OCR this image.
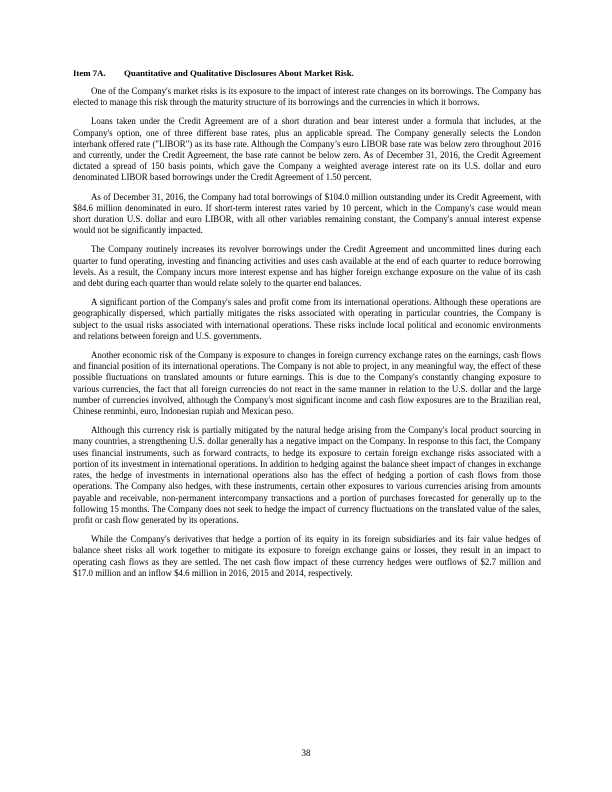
Item 7A. Quantitative and Qualitative Disclosures About Market Risk.

One of the Company's market risks is its exposure to the impact of interest rate changes on its borrowings. The Company has elected to manage this risk through the maturity structure of its borrowings and the currencies in which it borrows.

Loans taken under the Credit Agreement are of a short duration and bear interest under a formula that includes, at the Company's option, one of three different base rates, plus an applicable spread. The Company generally selects the London interbank offered rate ("LIBOR") as its base rate. Although the Company’s euro LIBOR base rate was below zero throughout 2016 and currently, under the Credit Agreement, the base rate cannot be below zero. As of December 31, 2016, the Credit Agreement dictated a spread of 150 basis points, which gave the Company a weighted average interest rate on its U.S. dollar and euro denominated LIBOR based borrowings under the Credit Agreement of 1.50 percent.

As of December 31, 2016, the Company had total borrowings of $104.0 million outstanding under its Credit Agreement, with $84.6 million denominated in euro. If short-term interest rates varied by 10 percent, which in the Company's case would mean short duration U.S. dollar and euro LIBOR, with all other variables remaining constant, the Company's annual interest expense would not be significantly impacted.

The Company routinely increases its revolver borrowings under the Credit Agreement and uncommitted lines during each quarter to fund operating, investing and financing activities and uses cash available at the end of each quarter to reduce borrowing levels. As a result, the Company incurs more interest expense and has higher foreign exchange exposure on the value of its cash and debt during each quarter than would relate solely to the quarter end balances.

A significant portion of the Company's sales and profit come from its international operations. Although these operations are geographically dispersed, which partially mitigates the risks associated with operating in particular countries, the Company is subject to the usual risks associated with international operations. These risks include local political and economic environments and relations between foreign and U.S. governments.

Another economic risk of the Company is exposure to changes in foreign currency exchange rates on the earnings, cash flows and financial position of its international operations. The Company is not able to project, in any meaningful way, the effect of these possible fluctuations on translated amounts or future earnings. This is due to the Company's constantly changing exposure to various currencies, the fact that all foreign currencies do not react in the same manner in relation to the U.S. dollar and the large number of currencies involved, although the Company's most significant income and cash flow exposures are to the Brazilian real, Chinese renminbi, euro, Indonesian rupiah and Mexican peso.

Although this currency risk is partially mitigated by the natural hedge arising from the Company's local product sourcing in many countries, a strengthening U.S. dollar generally has a negative impact on the Company. In response to this fact, the Company uses financial instruments, such as forward contracts, to hedge its exposure to certain foreign exchange risks associated with a portion of its investment in international operations. In addition to hedging against the balance sheet impact of changes in exchange rates, the hedge of investments in international operations also has the effect of hedging a portion of cash flows from those operations. The Company also hedges, with these instruments, certain other exposures to various currencies arising from amounts payable and receivable, non-permanent intercompany transactions and a portion of purchases forecasted for generally up to the following 15 months. The Company does not seek to hedge the impact of currency fluctuations on the translated value of the sales, profit or cash flow generated by its operations.

While the Company's derivatives that hedge a portion of its equity in its foreign subsidiaries and its fair value hedges of balance sheet risks all work together to mitigate its exposure to foreign exchange gains or losses, they result in an impact to operating cash flows as they are settled. The net cash flow impact of these currency hedges were outflows of $2.7 million and $17.0 million and an inflow $4.6 million in 2016, 2015 and 2014, respectively.

38
